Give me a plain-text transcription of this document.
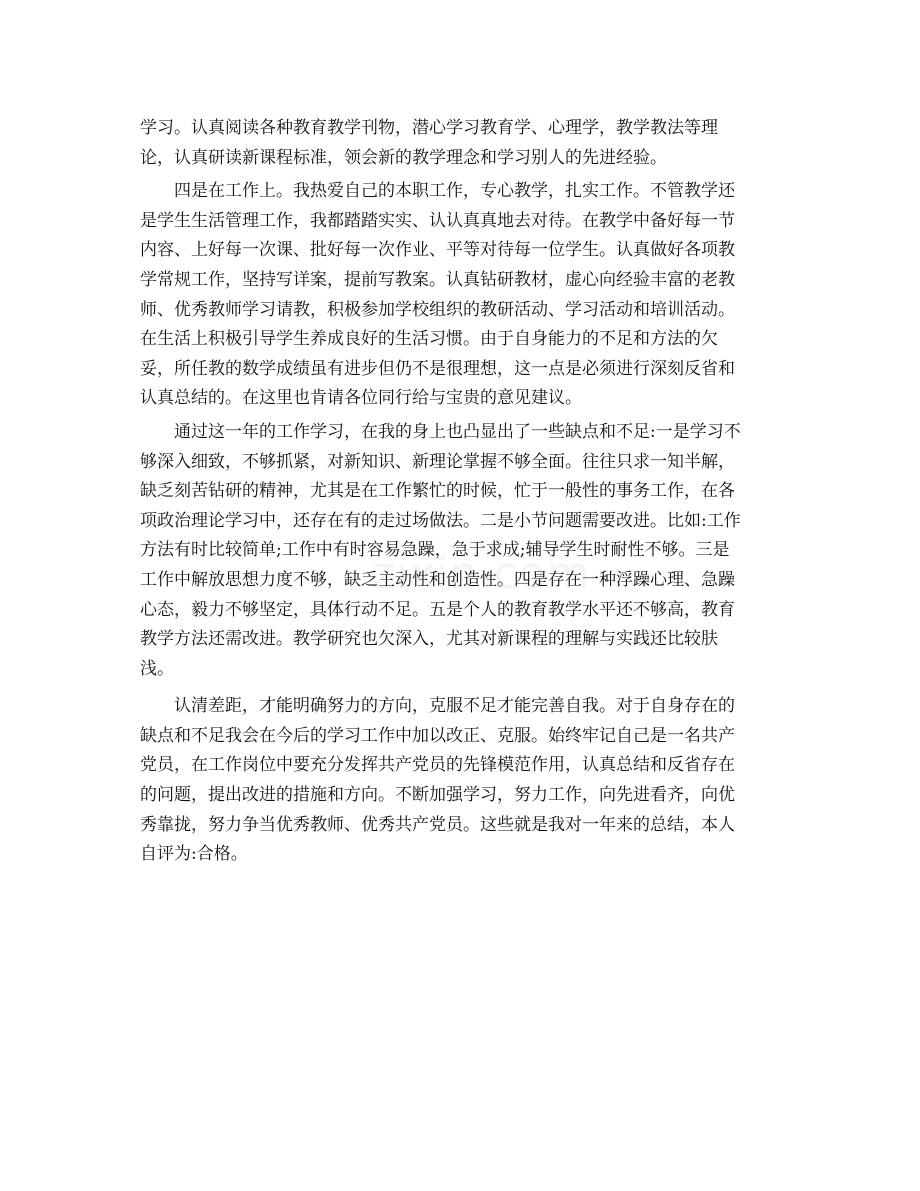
学习。认真阅读各种教育教学刊物，潜心学习教育学、心理学，教学教法等理
论，认真研读新课程标准，领会新的教学理念和学习别人的先进经验。

四是在工作上。我热爱自己的本职工作，专心教学，扎实工作。不管教学还
是学生生活管理工作，我都踏踏实实、认认真真地去对待。在教学中备好每一节
内容、上好每一次课、批好每一次作业、平等对待每一位学生。认真做好各项教
学常规工作，坚持写详案，提前写教案。认真钻研教材，虚心向经验丰富的老教
师、优秀教师学习请教，积极参加学校组织的教研活动、学习活动和培训活动。
在生活上积极引导学生养成良好的生活习惯。由于自身能力的不足和方法的欠
妥，所任教的数学成绩虽有进步但仍不是很理想，这一点是必须进行深刻反省和
认真总结的。在这里也肯请各位同行给与宝贵的意见建议。

通过这一年的工作学习，在我的身上也凸显出了一些缺点和不足:一是学习不
够深入细致，不够抓紧，对新知识、新理论掌握不够全面。往往只求一知半解，
缺乏刻苦钻研的精神，尤其是在工作繁忙的时候，忙于一般性的事务工作，在各
项政治理论学习中，还存在有的走过场做法。二是小节问题需要改进。比如:工作
方法有时比较简单;工作中有时容易急躁，急于求成;辅导学生时耐性不够。三是
工作中解放思想力度不够，缺乏主动性和创造性。四是存在一种浮躁心理、急躁
心态，毅力不够坚定，具体行动不足。五是个人的教育教学水平还不够高，教育
教学方法还需改进。教学研究也欠深入，尤其对新课程的理解与实践还比较肤
浅。

认清差距，才能明确努力的方向，克服不足才能完善自我。对于自身存在的
缺点和不足我会在今后的学习工作中加以改正、克服。始终牢记自己是一名共产
党员，在工作岗位中要充分发挥共产党员的先锋模范作用，认真总结和反省存在
的问题，提出改进的措施和方向。不断加强学习，努力工作，向先进看齐，向优
秀靠拢，努力争当优秀教师、优秀共产党员。这些就是我对一年来的总结，本人
自评为:合格。
